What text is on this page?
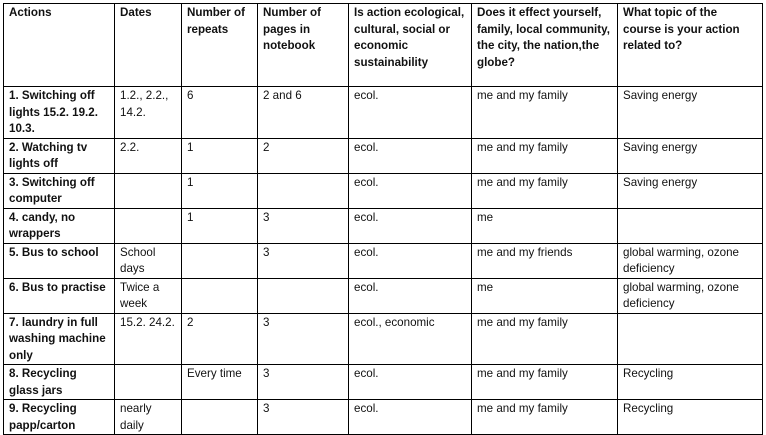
Actions	Dates	Number of repeats	Number of pages in notebook	Is action ecological, cultural, social or economic sustainability	Does it effect yourself, family, local community, the city, the nation,the globe?	What topic of the course is your action related to?
1. Switching off lights 15.2. 19.2. 10.3.	1.2., 2.2., 14.2.	6	2 and 6	ecol.	me and my family	Saving energy
2. Watching tv lights off	2.2.	1	2	ecol.	me and my family	Saving energy
3. Switching off computer		1		ecol.	me and my family	Saving energy
4. candy, no wrappers		1	3	ecol.	me	
5. Bus to school	School days		3	ecol.	me and my friends	global warming, ozone deficiency
6. Bus to practise	Twice a week			ecol.	me	global warming, ozone deficiency
7. laundry in full washing machine only	15.2. 24.2.	2	3	ecol., economic	me and my family	
8. Recycling glass jars		Every time	3	ecol.	me and my family	Recycling
9. Recycling papp/carton	nearly daily		3	ecol.	me and my family	Recycling
